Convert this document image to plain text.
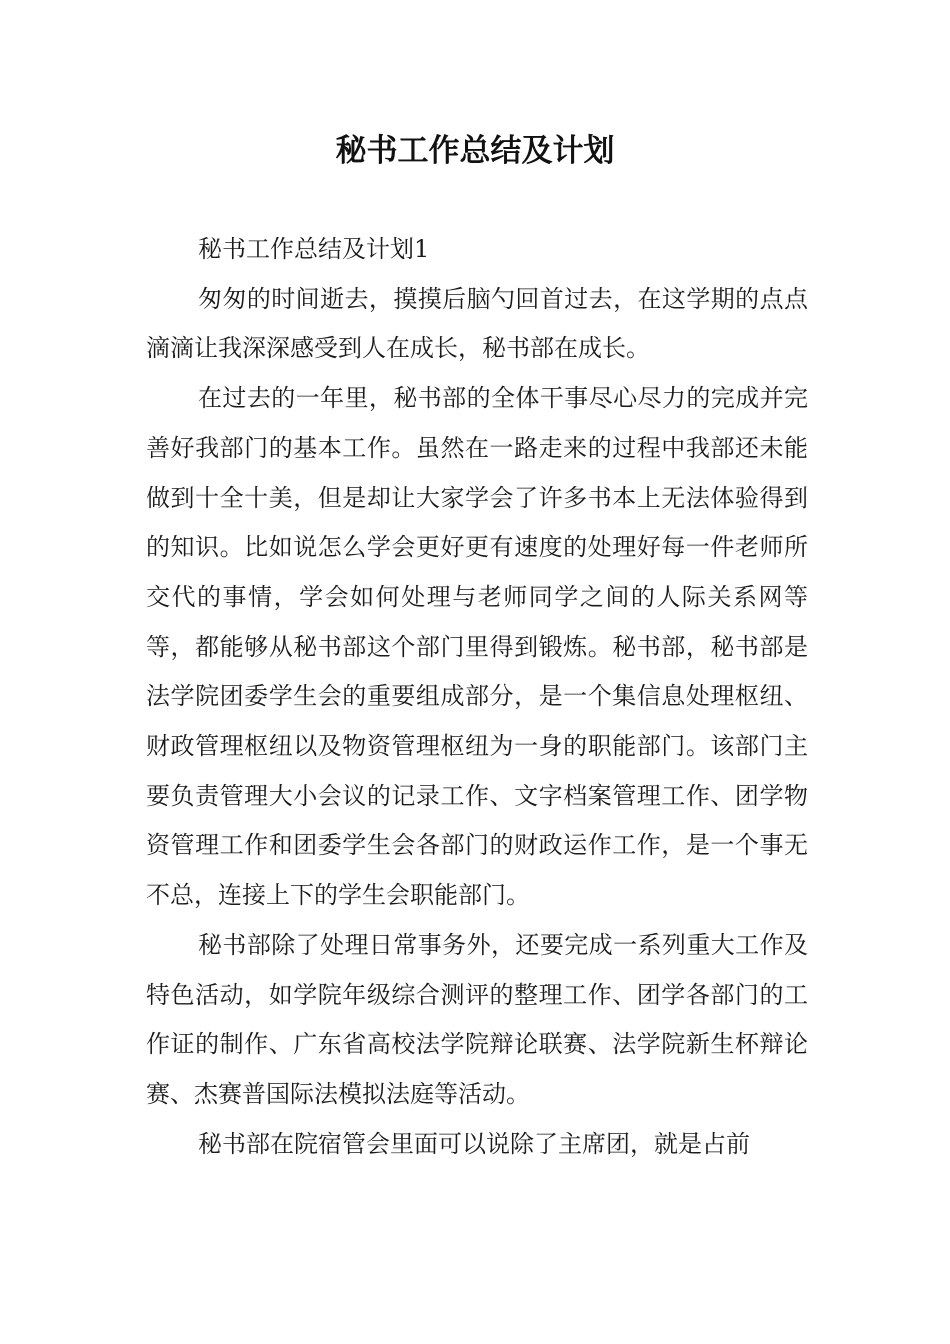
秘书工作总结及计划

秘书工作总结及计划1

匆匆的时间逝去，摸摸后脑勺回首过去，在这学期的点点滴滴让我深深感受到人在成长，秘书部在成长。

在过去的一年里，秘书部的全体干事尽心尽力的完成并完善好我部门的基本工作。虽然在一路走来的过程中我部还未能做到十全十美，但是却让大家学会了许多书本上无法体验得到的知识。比如说怎么学会更好更有速度的处理好每一件老师所交代的事情，学会如何处理与老师同学之间的人际关系网等等，都能够从秘书部这个部门里得到锻炼。秘书部，秘书部是法学院团委学生会的重要组成部分，是一个集信息处理枢纽、财政管理枢纽以及物资管理枢纽为一身的职能部门。该部门主要负责管理大小会议的记录工作、文字档案管理工作、团学物资管理工作和团委学生会各部门的财政运作工作，是一个事无不总，连接上下的学生会职能部门。

秘书部除了处理日常事务外，还要完成一系列重大工作及特色活动，如学院年级综合测评的整理工作、团学各部门的工作证的制作、广东省高校法学院辩论联赛、法学院新生杯辩论赛、杰赛普国际法模拟法庭等活动。

秘书部在院宿管会里面可以说除了主席团，就是占前
